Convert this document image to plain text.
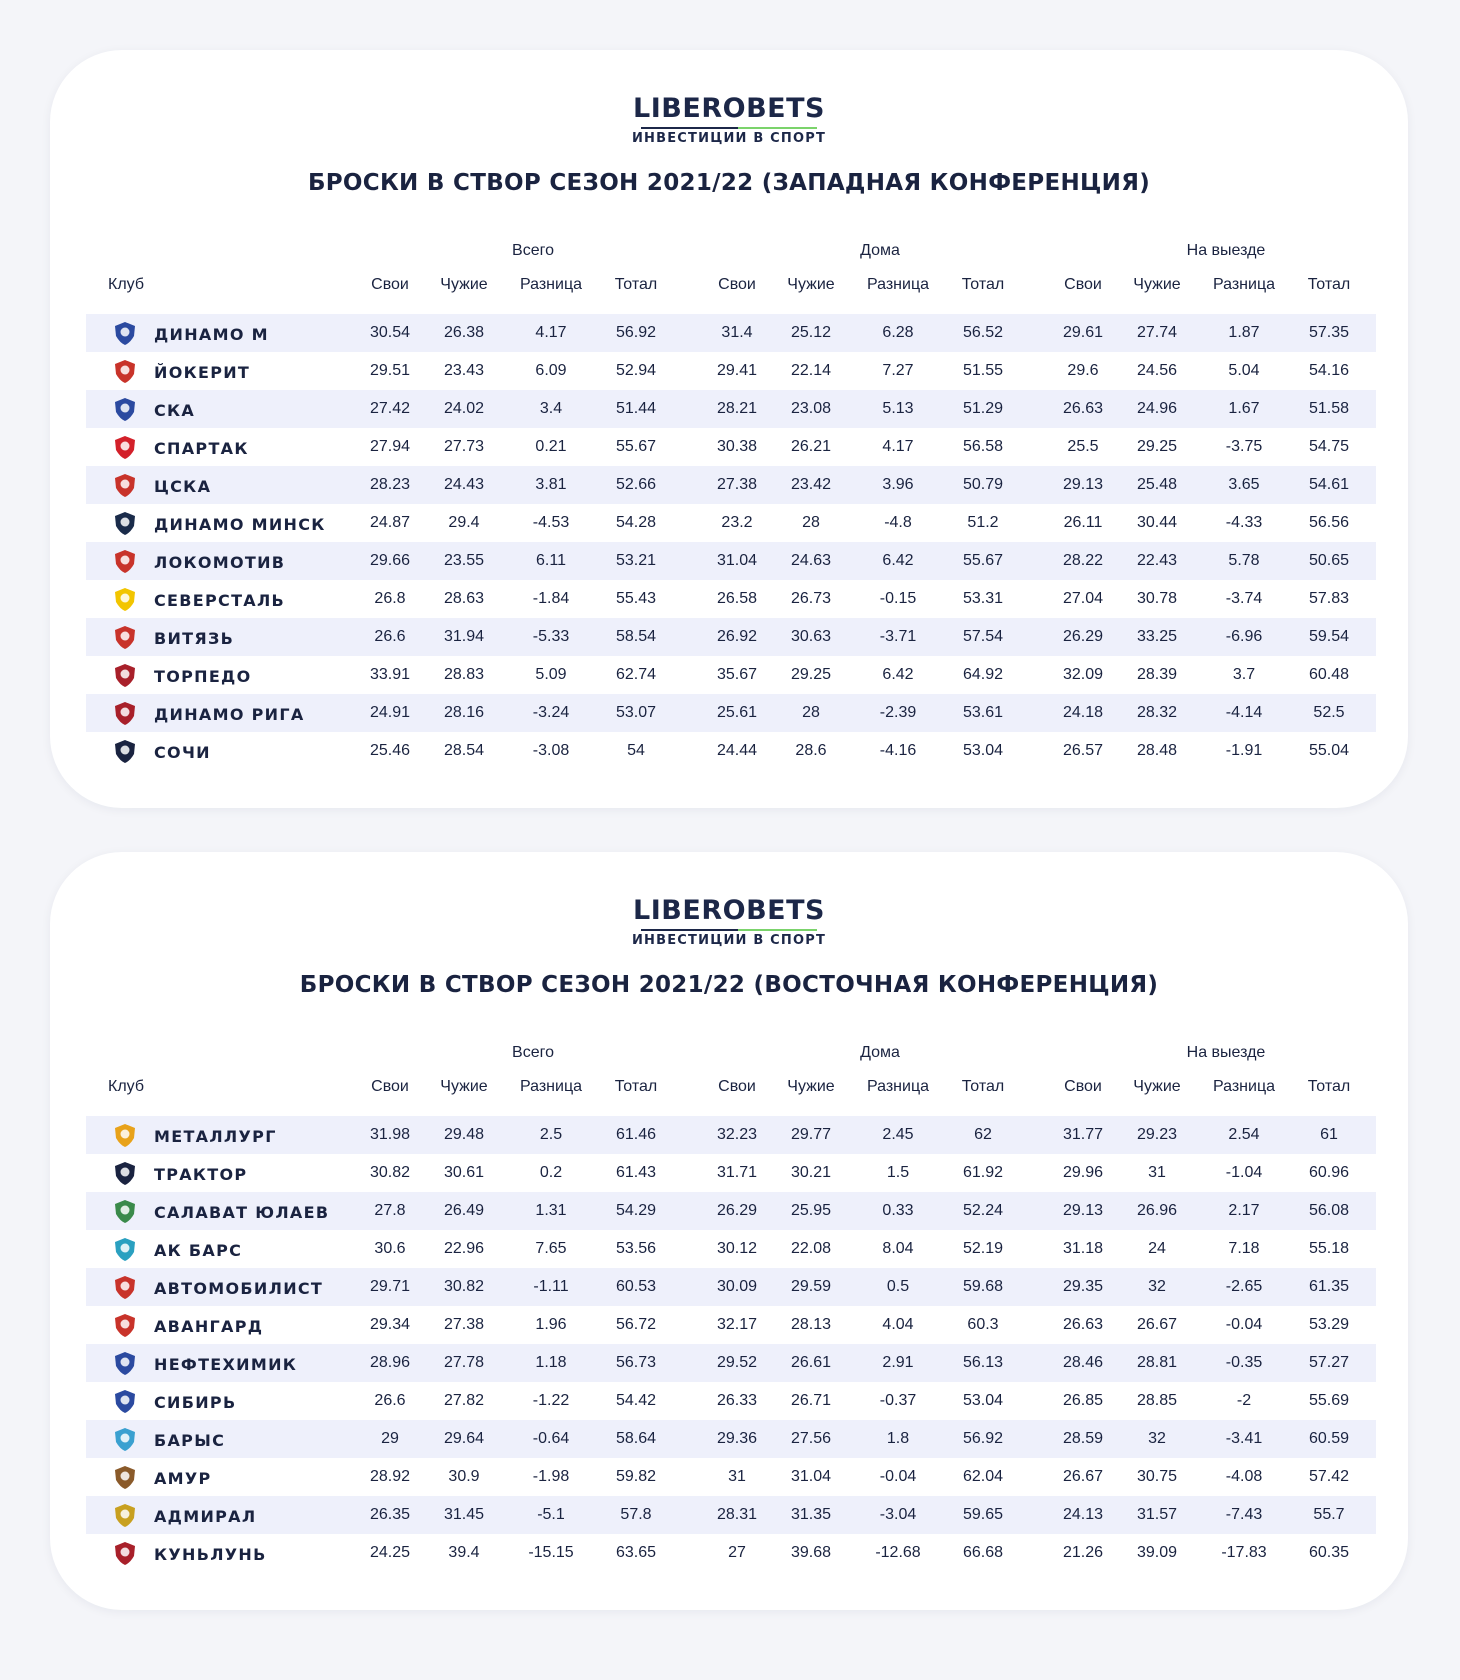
LIBEROBETS
ИНВЕСТИЦИИ В СПОРТ
БРОСКИ В СТВОР СЕЗОН 2021/22 (ЗАПАДНАЯ КОНФЕРЕНЦИЯ)
Всего	Дома	На выезде
Клуб	Свои	Чужие	Разница	Тотал	Свои	Чужие	Разница	Тотал	Свои	Чужие	Разница	Тотал
ДИНАМО М	30.54	26.38	4.17	56.92	31.4	25.12	6.28	56.52	29.61	27.74	1.87	57.35
ЙОКЕРИТ	29.51	23.43	6.09	52.94	29.41	22.14	7.27	51.55	29.6	24.56	5.04	54.16
СКА	27.42	24.02	3.4	51.44	28.21	23.08	5.13	51.29	26.63	24.96	1.67	51.58
СПАРТАК	27.94	27.73	0.21	55.67	30.38	26.21	4.17	56.58	25.5	29.25	-3.75	54.75
ЦСКА	28.23	24.43	3.81	52.66	27.38	23.42	3.96	50.79	29.13	25.48	3.65	54.61
ДИНАМО МИНСК	24.87	29.4	-4.53	54.28	23.2	28	-4.8	51.2	26.11	30.44	-4.33	56.56
ЛОКОМОТИВ	29.66	23.55	6.11	53.21	31.04	24.63	6.42	55.67	28.22	22.43	5.78	50.65
СЕВЕРСТАЛЬ	26.8	28.63	-1.84	55.43	26.58	26.73	-0.15	53.31	27.04	30.78	-3.74	57.83
ВИТЯЗЬ	26.6	31.94	-5.33	58.54	26.92	30.63	-3.71	57.54	26.29	33.25	-6.96	59.54
ТОРПЕДО	33.91	28.83	5.09	62.74	35.67	29.25	6.42	64.92	32.09	28.39	3.7	60.48
ДИНАМО РИГА	24.91	28.16	-3.24	53.07	25.61	28	-2.39	53.61	24.18	28.32	-4.14	52.5
СОЧИ	25.46	28.54	-3.08	54	24.44	28.6	-4.16	53.04	26.57	28.48	-1.91	55.04
LIBEROBETS
ИНВЕСТИЦИИ В СПОРТ
БРОСКИ В СТВОР СЕЗОН 2021/22 (ВОСТОЧНАЯ КОНФЕРЕНЦИЯ)
Всего	Дома	На выезде
Клуб	Свои	Чужие	Разница	Тотал	Свои	Чужие	Разница	Тотал	Свои	Чужие	Разница	Тотал
МЕТАЛЛУРГ	31.98	29.48	2.5	61.46	32.23	29.77	2.45	62	31.77	29.23	2.54	61
ТРАКТОР	30.82	30.61	0.2	61.43	31.71	30.21	1.5	61.92	29.96	31	-1.04	60.96
САЛАВАТ ЮЛАЕВ	27.8	26.49	1.31	54.29	26.29	25.95	0.33	52.24	29.13	26.96	2.17	56.08
АК БАРС	30.6	22.96	7.65	53.56	30.12	22.08	8.04	52.19	31.18	24	7.18	55.18
АВТОМОБИЛИСТ	29.71	30.82	-1.11	60.53	30.09	29.59	0.5	59.68	29.35	32	-2.65	61.35
АВАНГАРД	29.34	27.38	1.96	56.72	32.17	28.13	4.04	60.3	26.63	26.67	-0.04	53.29
НЕФТЕХИМИК	28.96	27.78	1.18	56.73	29.52	26.61	2.91	56.13	28.46	28.81	-0.35	57.27
СИБИРЬ	26.6	27.82	-1.22	54.42	26.33	26.71	-0.37	53.04	26.85	28.85	-2	55.69
БАРЫС	29	29.64	-0.64	58.64	29.36	27.56	1.8	56.92	28.59	32	-3.41	60.59
АМУР	28.92	30.9	-1.98	59.82	31	31.04	-0.04	62.04	26.67	30.75	-4.08	57.42
АДМИРАЛ	26.35	31.45	-5.1	57.8	28.31	31.35	-3.04	59.65	24.13	31.57	-7.43	55.7
КУНЬЛУНЬ	24.25	39.4	-15.15	63.65	27	39.68	-12.68	66.68	21.26	39.09	-17.83	60.35
